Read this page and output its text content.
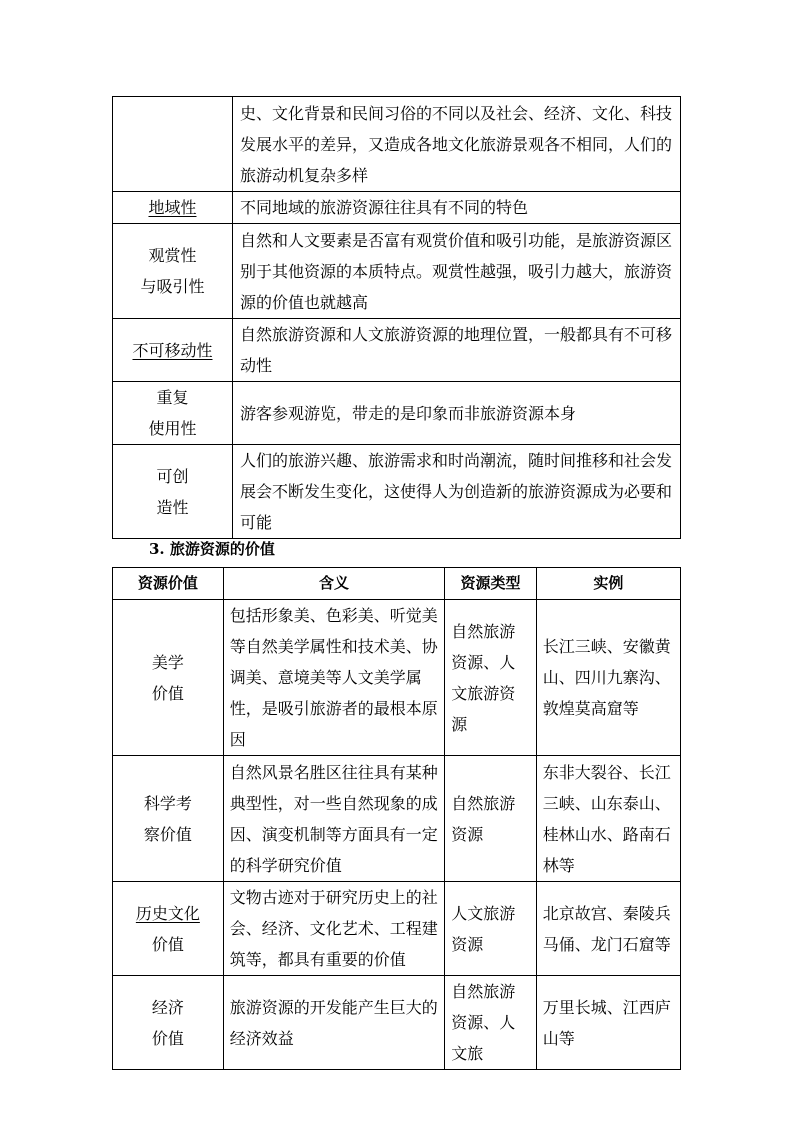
	史、文化背景和民间习俗的不同以及社会、经济、文化、科技发展水平的差异，又造成各地文化旅游景观各不相同，人们的旅游动机复杂多样
地域性	不同地域的旅游资源往往具有不同的特色

观赏性
与吸引性	自然和人文要素是否富有观赏价值和吸引功能，是旅游资源区别于其他资源的本质特点。观赏性越强，吸引力越大，旅游资源的价值也就越高
不可移动性	自然旅游资源和人文旅游资源的地理位置，一般都具有不可移动性

重复
使用性	游客参观游览，带走的是印象而非旅游资源本身

可创
造性	人们的旅游兴趣、旅游需求和时尚潮流，随时间推移和社会发展会不断发生变化，这使得人为创造新的旅游资源成为必要和可能
3. 旅游资源的价值
资源价值	含义	资源类型	实例

美学
价值	包括形象美、色彩美、听觉美等自然美学属性和技术美、协调美、意境美等人文美学属性，是吸引旅游者的最根本原因	自然旅游资源、人文旅游资源	长江三峡、安徽黄山、四川九寨沟、敦煌莫高窟等

科学考
察价值	自然风景名胜区往往具有某种典型性，对一些自然现象的成因、演变机制等方面具有一定的科学研究价值	自然旅游资源	东非大裂谷、长江三峡、山东泰山、桂林山水、路南石林等

历史文化
价值	文物古迹对于研究历史上的社会、经济、文化艺术、工程建筑等，都具有重要的价值	人文旅游资源	北京故宫、秦陵兵马俑、龙门石窟等

经济
价值	旅游资源的开发能产生巨大的经济效益	自然旅游资源、人文旅	万里长城、江西庐山等
